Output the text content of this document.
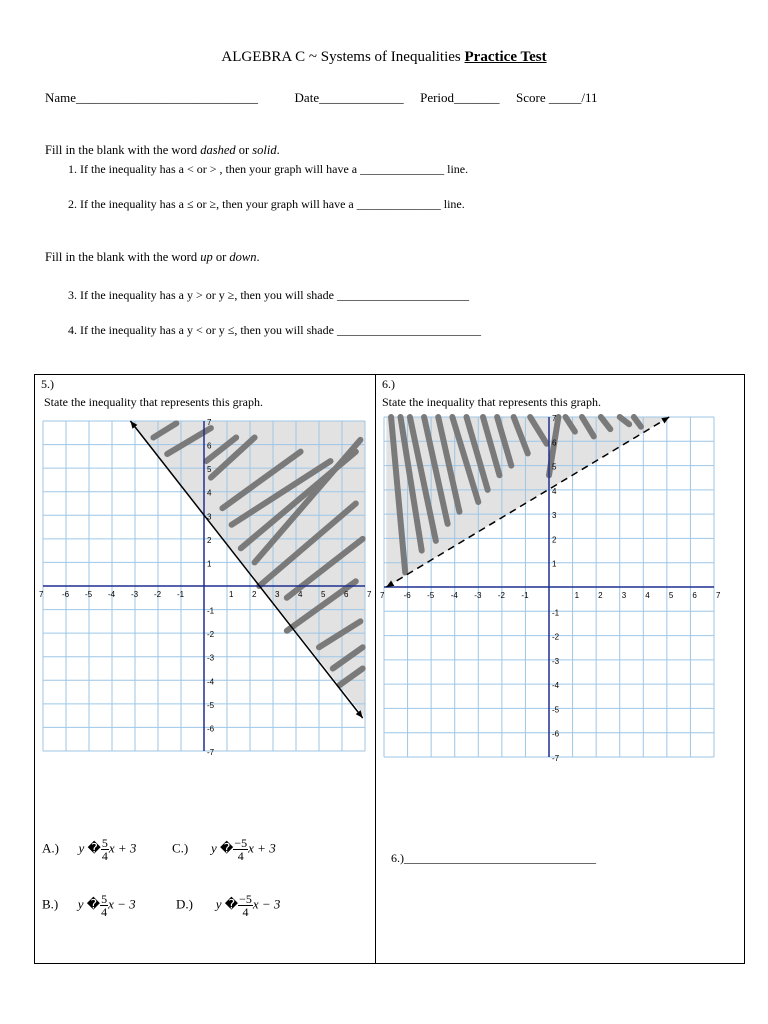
ALGEBRA C ~ Systems of Inequalities Practice Test
Name____________________________	Date_____________ Period_______ Score _____/11
Fill in the blank with the word dashed or solid.
1. If the inequality has a < or > , then your graph will have a ______________ line.
2. If the inequality has a ≤ or ≥, then your graph will have a ______________ line.
Fill in the blank with the word up or down.
3. If the inequality has a y > or y ≥, then you will shade ______________________
4. If the inequality has a y < or y ≤, then you will shade ________________________
5.)
State the inequality that represents this graph.
6.)
State the inequality that represents this graph.
7 -6 -5 -4 -3 -2 -1	1 2 3 4 5 6 7
7
-1
6
-2
5
-3
4
-4
3
-5
2
-6
1
-7
7 -6 -5 -4 -3 -2 -1	1 2 3 4 5 6 7
7
-1
6
-2
5
-3
4
-4
3
-5
2
-6
1
-7
A.) y � $\frac{5}{4}$ x + 3	C.) y � $\frac{-5}{4}$ x + 3
B.) y � $\frac{5}{4}$ x − 3	D.) y � $\frac{-5}{4}$ x − 3
6.)________________________________
